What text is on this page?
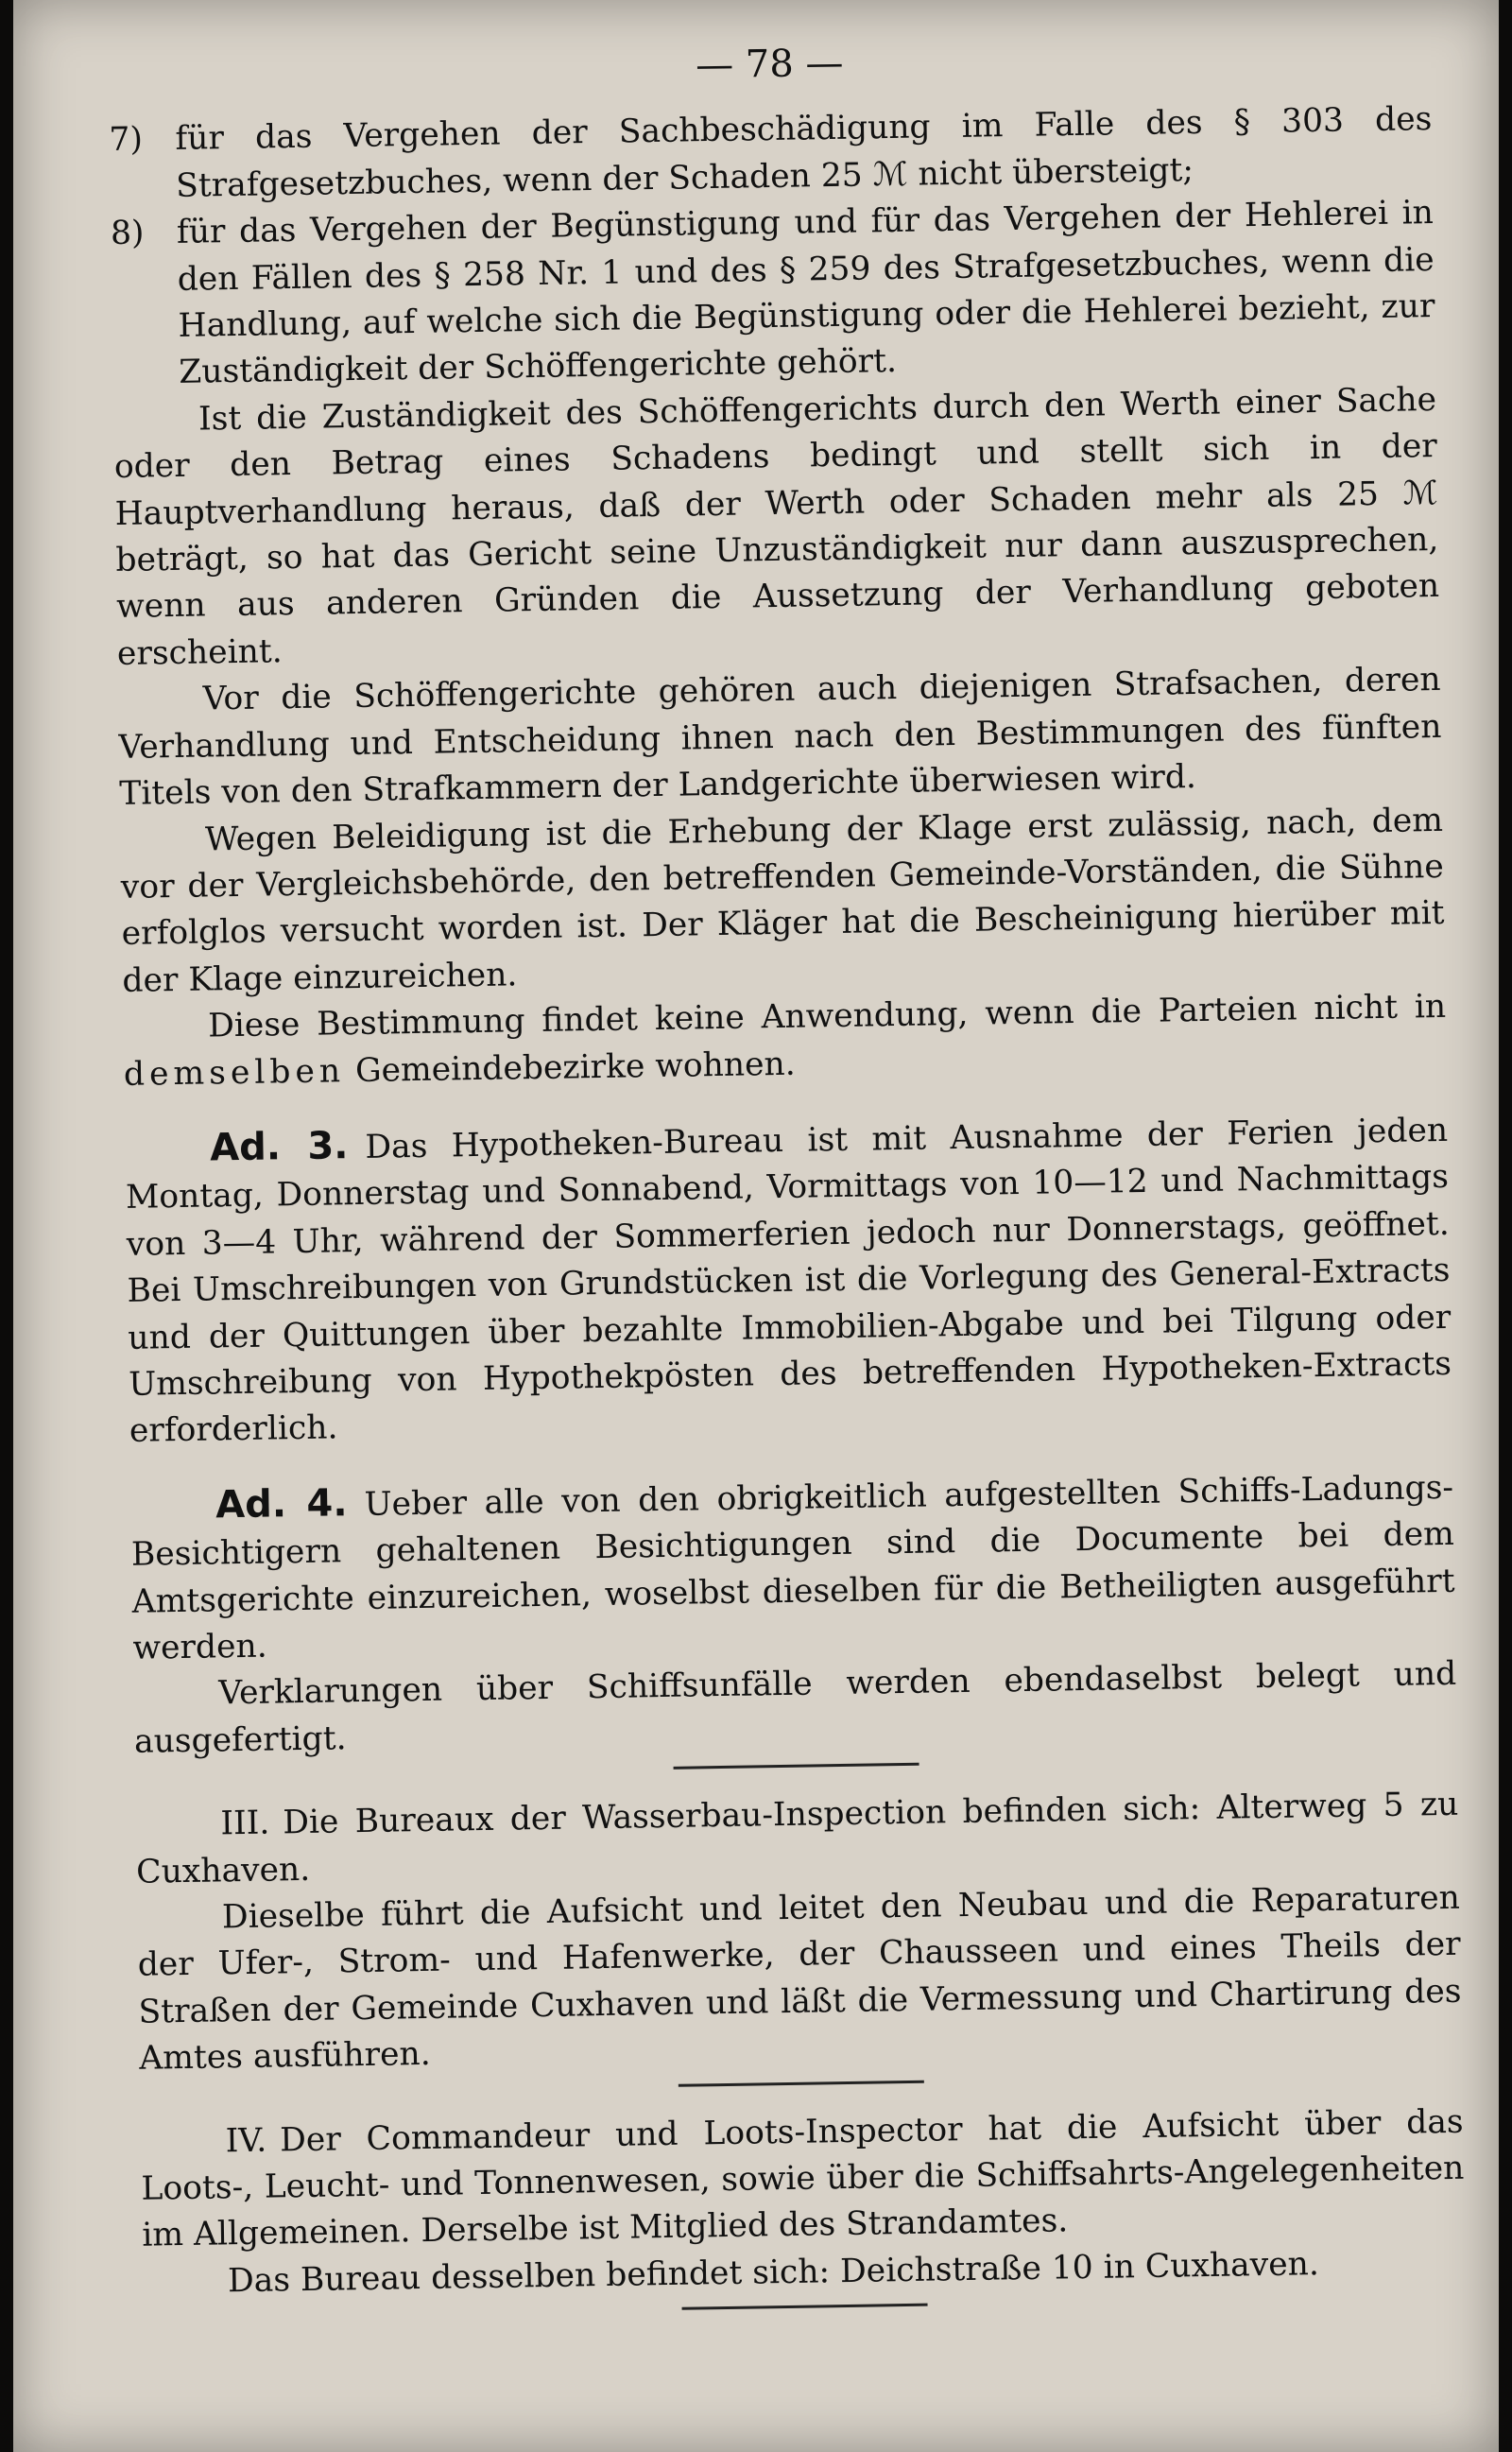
— 78 —

7) für das Vergehen der Sachbeschädigung im Falle des § 303 des Strafgesetzbuches, wenn der Schaden 25 ℳ nicht übersteigt;

8) für das Vergehen der Begünstigung und für das Vergehen der Hehlerei in den Fällen des § 258 Nr. 1 und des § 259 des Strafgesetzbuches, wenn die Handlung, auf welche sich die Begünstigung oder die Hehlerei bezieht, zur Zuständigkeit der Schöffengerichte gehört.

Ist die Zuständigkeit des Schöffengerichts durch den Werth einer Sache oder den Betrag eines Schadens bedingt und stellt sich in der Hauptverhandlung heraus, daß der Werth oder Schaden mehr als 25 ℳ beträgt, so hat das Gericht seine Unzuständigkeit nur dann auszusprechen, wenn aus anderen Gründen die Aussetzung der Verhandlung geboten erscheint.

Vor die Schöffengerichte gehören auch diejenigen Strafsachen, deren Verhandlung und Entscheidung ihnen nach den Bestimmungen des fünften Titels von den Strafkammern der Landgerichte überwiesen wird.

Wegen Beleidigung ist die Erhebung der Klage erst zulässig, nach, dem vor der Vergleichsbehörde, den betreffenden Gemeinde-Vorständen, die Sühne erfolglos versucht worden ist. Der Kläger hat die Bescheinigung hierüber mit der Klage einzureichen.

Diese Bestimmung findet keine Anwendung, wenn die Parteien nicht in demselben Gemeindebezirke wohnen.

Ad. 3. Das Hypotheken-Bureau ist mit Ausnahme der Ferien jeden Montag, Donnerstag und Sonnabend, Vormittags von 10—12 und Nachmittags von 3—4 Uhr, während der Sommerferien jedoch nur Donnerstags, geöffnet. Bei Umschreibungen von Grundstücken ist die Vorlegung des General-Extracts und der Quittungen über bezahlte Immobilien-Abgabe und bei Tilgung oder Umschreibung von Hypothekpösten des betreffenden Hypotheken-Extracts erforderlich.

Ad. 4. Ueber alle von den obrigkeitlich aufgestellten Schiffs-Ladungs-Besichtigern gehaltenen Besichtigungen sind die Documente bei dem Amtsgerichte einzureichen, woselbst dieselben für die Betheiligten ausgeführt werden.

Verklarungen über Schiffsunfälle werden ebendaselbst belegt und ausgefertigt.

III. Die Bureaux der Wasserbau-Inspection befinden sich: Alterweg 5 zu Cuxhaven.

Dieselbe führt die Aufsicht und leitet den Neubau und die Reparaturen der Ufer-, Strom- und Hafenwerke, der Chausseen und eines Theils der Straßen der Gemeinde Cuxhaven und läßt die Vermessung und Chartirung des Amtes ausführen.

IV. Der Commandeur und Loots-Inspector hat die Aufsicht über das Loots-, Leucht- und Tonnenwesen, sowie über die Schiffsahrts-Angelegenheiten im Allgemeinen. Derselbe ist Mitglied des Strandamtes.

Das Bureau desselben befindet sich: Deichstraße 10 in Cuxhaven.
